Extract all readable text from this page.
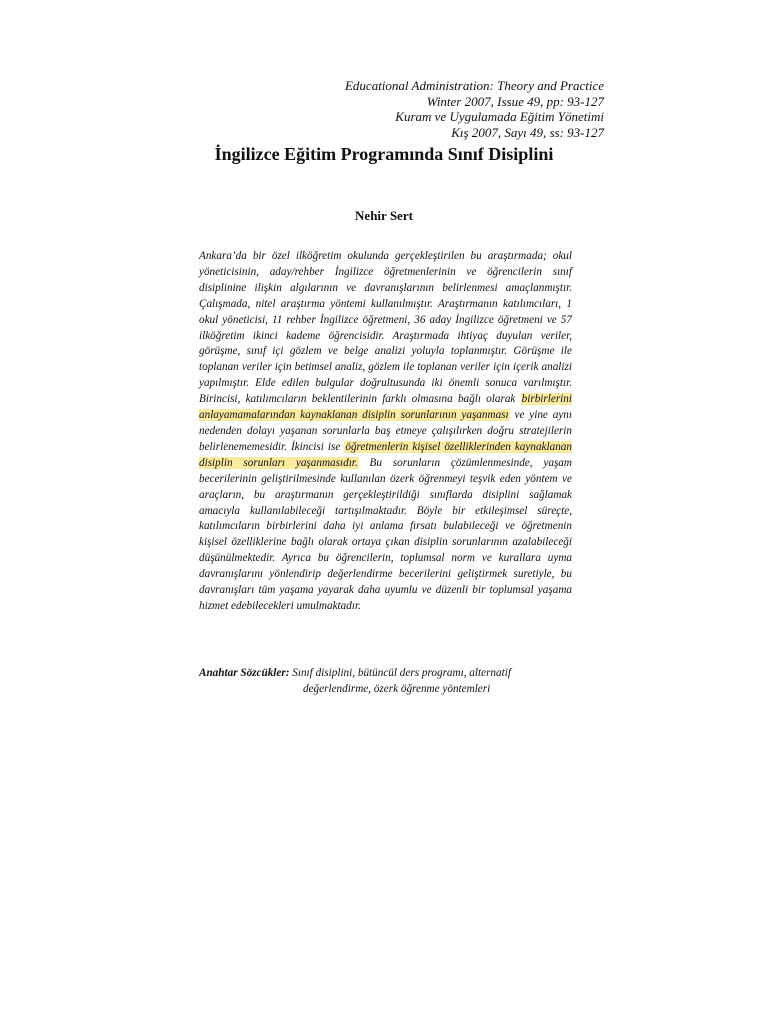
Educational Administration: Theory and Practice
Winter 2007, Issue 49, pp: 93-127
Kuram ve Uygulamada Eğitim Yönetimi
Kış 2007, Sayı 49, ss: 93-127
İngilizce Eğitim Programında Sınıf Disiplini
Nehir Sert

Ankara’da bir özel ilköğretim okulunda gerçekleştirilen bu araştırmada; okul yöneticisinin, aday/rehber İngilizce öğretmenlerinin ve öğrencilerin sınıf disiplinine ilişkin algılarının ve davranışlarının belirlenmesi amaçlanmıştır. Çalışmada, nitel araştırma yöntemi kullanılmıştır. Araştırmanın katılımcıları, 1 okul yöneticisi, 11 rehber İngilizce öğretmeni, 36 aday İngilizce öğretmeni ve 57 ilköğretim ikinci kademe öğrencisidir. Araştırmada ihtiyaç duyulan veriler, görüşme, sınıf içi gözlem ve belge analizi yoluyla toplanmıştır. Görüşme ile toplanan veriler için betimsel analiz, gözlem ile toplanan veriler için içerik analizi yapılmıştır. Elde edilen bulgular doğrultusunda iki önemli sonuca varılmıştır. Birincisi, katılımcıların beklentilerinin farklı olmasına bağlı olarak birbirlerini anlayamamalarından kaynaklanan disiplin sorunlarının yaşanması ve yine aynı nedenden dolayı yaşanan sorunlarla baş etmeye çalışılırken doğru stratejilerin belirlenememesidir. İkincisi ise öğretmenlerin kişisel özelliklerinden kaynaklanan disiplin sorunları yaşanmasıdır. Bu sorunların çözümlenmesinde, yaşam becerilerinin geliştirilmesinde kullanılan özerk öğrenmeyi teşvik eden yöntem ve araçların, bu araştırmanın gerçekleştirildiği sınıflarda disiplini sağlamak amacıyla kullanılabileceği tartışılmaktadır. Böyle bir etkileşimsel süreçte, katılımcıların birbirlerini daha iyi anlama fırsatı bulabileceği ve öğretmenin kişisel özelliklerine bağlı olarak ortaya çıkan disiplin sorunlarının azalabileceği düşünülmektedir. Ayrıca bu öğrencilerin, toplumsal norm ve kurallara uyma davranışlarını yönlendirip değerlendirme becerilerini geliştirmek suretiyle, bu davranışları tüm yaşama yayarak daha uyumlu ve düzenli bir toplumsal yaşama hizmet edebilecekleri umulmaktadır.

Anahtar Sözcükler: Sınıf disiplini, bütüncül ders programı, alternatif
değerlendirme, özerk öğrenme yöntemleri
